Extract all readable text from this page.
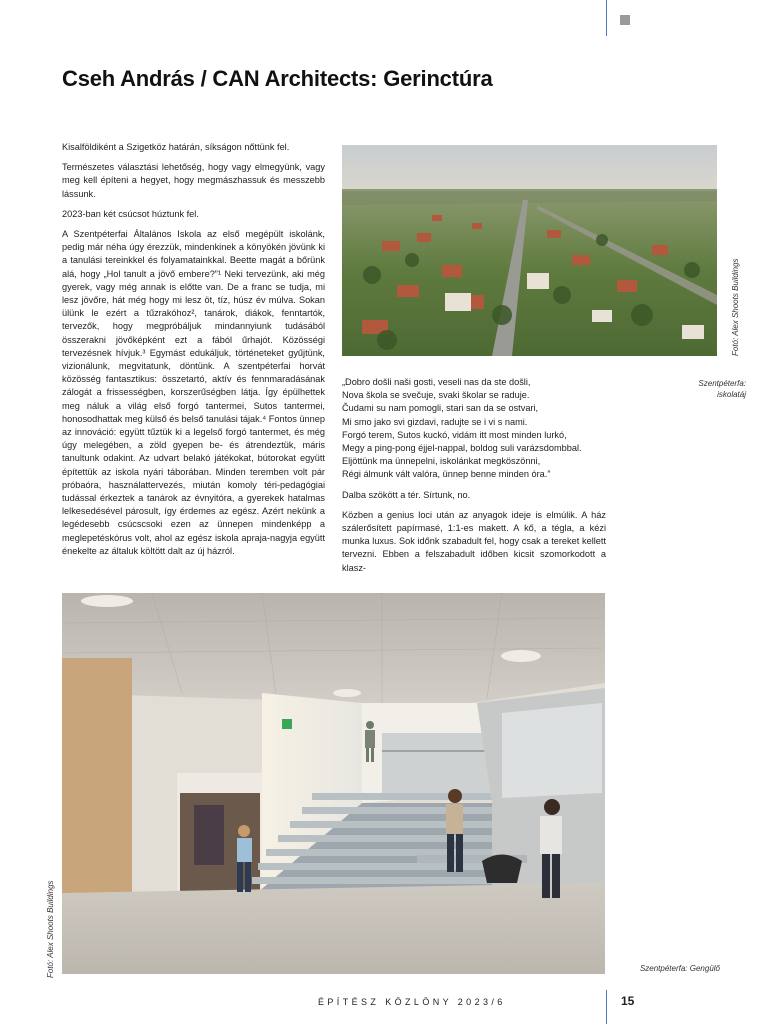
Cseh András / CAN Architects: Gerinctúra

Kisalföldiként a Szigetköz határán, síkságon nőttünk fel.

Természetes választási lehetőség, hogy vagy elmegyünk, vagy meg kell építeni a hegyet, hogy megmászhassuk és messzebb lássunk.

2023-ban két csúcsot húztunk fel.

A Szentpéterfai Általános Iskola az első megépült iskolánk, pedig már néha úgy érezzük, mindenkinek a könyökén jövünk ki a tanulási tereinkkel és folyamatainkkal. Beette magát a bőrünk alá, hogy „Hol tanult a jövő embere?”¹ Neki tervezünk, aki még gyerek, vagy még annak is előtte van. De a franc se tudja, mi lesz jövőre, hát még hogy mi lesz öt, tíz, húsz év múlva. Sokan ülünk le ezért a tűzrakóhoz², tanárok, diákok, fenntartók, tervezők, hogy megpróbáljuk mindannyiunk tudásából összerakni jövőképként ezt a fából űrhajót. Közösségi tervezésnek hívjuk.³ Egymást edukáljuk, történeteket gyűjtünk, vizionálunk, megvitatunk, döntünk. A szentpéterfai horvát közösség fantasztikus: összetartó, aktív és fennmaradásának zálogát a frissességben, korszerűségben látja. Így épülhettek meg náluk a világ első forgó tantermei, Sutos tantermei, honosodhattak meg külső és belső tanulási tájak.⁴ Fontos ünnep az innováció: együtt tűztük ki a legelső forgó tantermet, és még úgy melegében, a zöld gyepen be- és átrendeztük, máris tanultunk odakint. Az udvart belakó játékokat, bútorokat együtt építettük az iskola nyári táborában. Minden teremben volt pár próbaóra, használattervezés, miután komoly téri-pedagógiai tudással érkeztek a tanárok az évnyitóra, a gyerekek hatalmas lelkesedésével párosult, így érdemes az egész. Azért nekünk a legédesebb csúcscsoki ezen az ünnepen mindenképp a meglepetéskórus volt, ahol az egész iskola apraja-nagyja együtt énekelte az általuk költött dalt az új házról.

Fotó: Alex Shoots Buildings
Szentpéterfa:
iskolatáj

„Dobro došli naši gosti, veseli nas da ste došli,
Nova škola se svečuje, svaki školar se raduje.
Čudami su nam pomogli, stari san da se ostvari,
Mi smo jako svi gizdavi, radujte se i vi s nami.
Forgó terem, Sutos kuckó, vidám itt most minden lurkó,
Megy a ping-pong éjjel-nappal, boldog suli varázsdombbal.
Eljöttünk ma ünnepelni, iskolánkat megköszönni,
Régi álmunk vált valóra, ünnep benne minden óra.”

Dalba szökött a tér. Sírtunk, no.

Közben a genius loci után az anyagok ideje is elmúlik. A ház szálerősített papírmasé, 1:1-es makett. A kő, a tégla, a kézi munka luxus. Sok időnk szabadult fel, hogy csak a tereket kellett tervezni. Ebben a felszabadult időben kicsit szomorkodott a klasz-

Fotó: Alex Shoots Buildings	Szentpéterfa: Gengülő
ÉPÍTÉSZ KÖZLÖNY 2023/6	15
